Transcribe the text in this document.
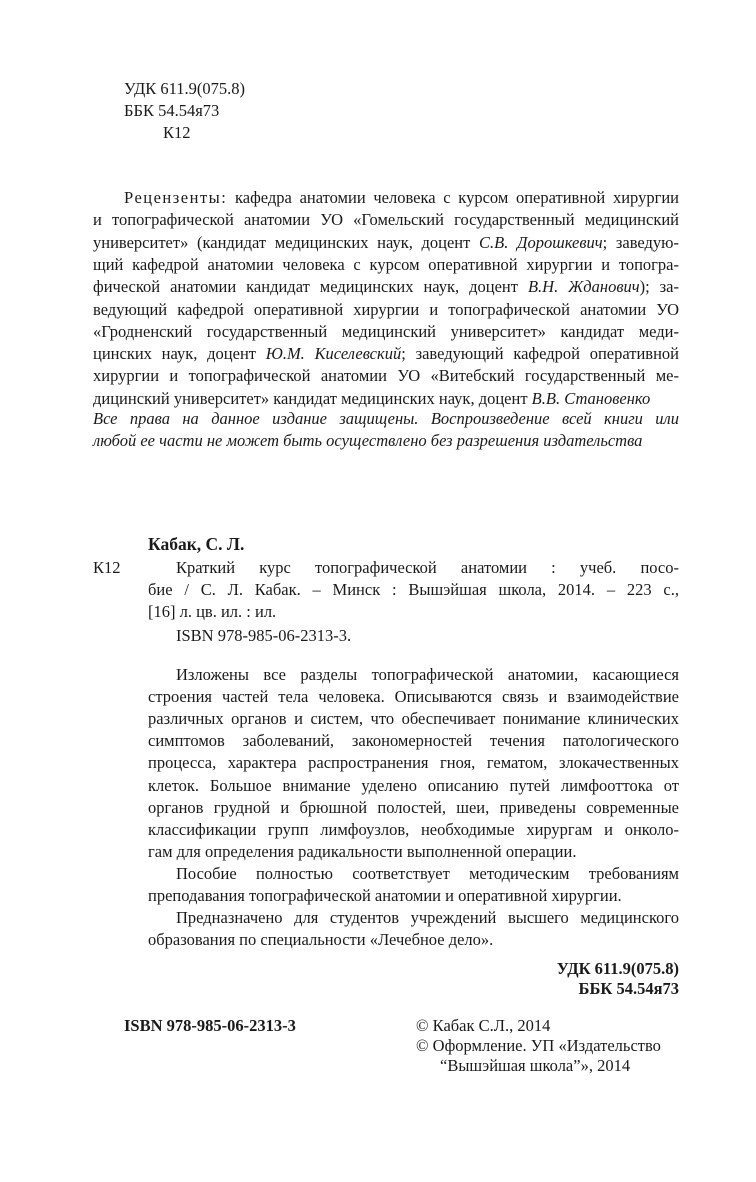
УДК 611.9(075.8)
ББК 54.54я73
К12
Рецензенты: кафедра анатомии человека с курсом оперативной хирургии
и топографической анатомии УО «Гомельский государственный медицинский
университет» (кандидат медицинских наук, доцент С.В. Дорошкевич; заведую-
щий кафедрой анатомии человека с курсом оперативной хирургии и топогра-
фической анатомии кандидат медицинских наук, доцент В.Н. Жданович); за-
ведующий кафедрой оперативной хирургии и топографической анатомии УО
«Гродненский государственный медицинский университет» кандидат меди-
цинских наук, доцент Ю.М. Киселевский; заведующий кафедрой оперативной
хирургии и топографической анатомии УО «Витебский государственный ме-
дицинский университет» кандидат медицинских наук, доцент В.В. Становенко
Все права на данное издание защищены. Воспроизведение всей книги или
любой ее части не может быть осуществлено без разрешения издательства
Кабак, С. Л.
К12	Краткий курс топографической анатомии : учеб. посо-
бие / С. Л. Кабак. – Минск : Вышэйшая школа, 2014. – 223 с.,
[16] л. цв. ил. : ил.
ISBN 978-985-06-2313-3.
Изложены все разделы топографической анатомии, касающиеся
строения частей тела человека. Описываются связь и взаимодействие
различных органов и систем, что обеспечивает понимание клинических
симптомов заболеваний, закономерностей течения патологического
процесса, характера распространения гноя, гематом, злокачественных
клеток. Большое внимание уделено описанию путей лимфооттока от
органов грудной и брюшной полостей, шеи, приведены современные
классификации групп лимфоузлов, необходимые хирургам и онколо-
гам для определения радикальности выполненной операции.
Пособие полностью соответствует методическим требованиям
преподавания топографической анатомии и оперативной хирургии.
Предназначено для студентов учреждений высшего медицинского
образования по специальности «Лечебное дело».
УДК 611.9(075.8)
ББК 54.54я73
ISBN 978-985-06-2313-3	© Кабак С.Л., 2014
© Оформление. УП «Издательство
“Вышэйшая школа”», 2014
